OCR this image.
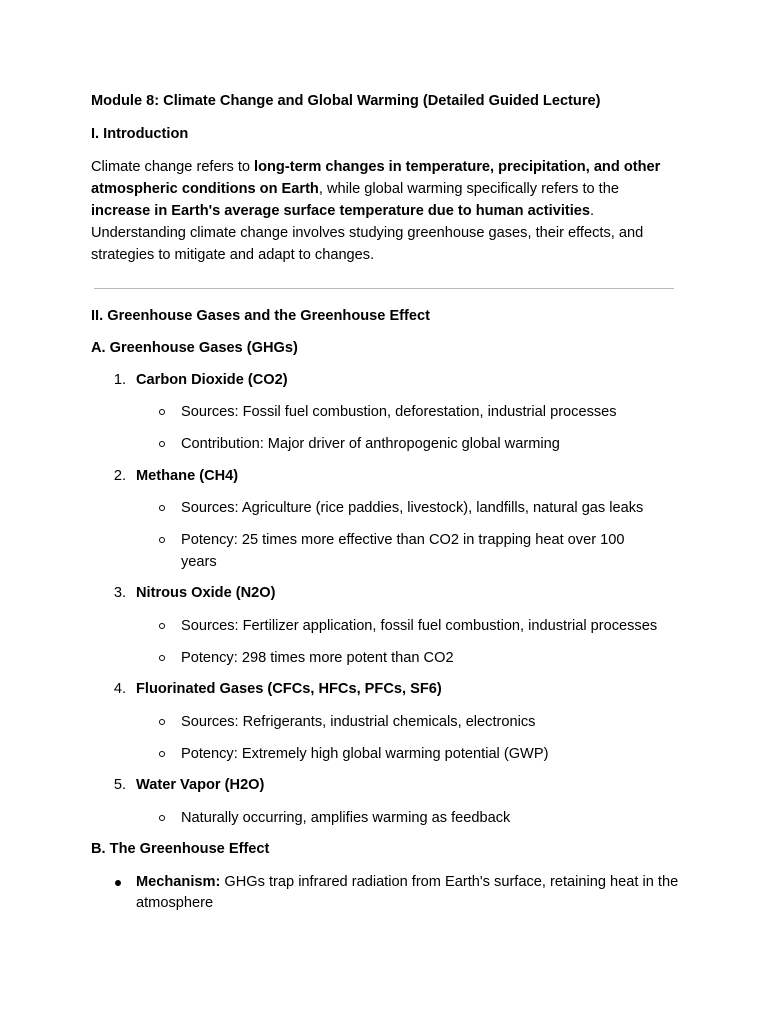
Module 8: Climate Change and Global Warming (Detailed Guided Lecture)
I. Introduction
Climate change refers to long-term changes in temperature, precipitation, and other atmospheric conditions on Earth, while global warming specifically refers to the increase in Earth's average surface temperature due to human activities. Understanding climate change involves studying greenhouse gases, their effects, and strategies to mitigate and adapt to changes.
II. Greenhouse Gases and the Greenhouse Effect
A. Greenhouse Gases (GHGs)
1. Carbon Dioxide (CO2)
Sources: Fossil fuel combustion, deforestation, industrial processes
Contribution: Major driver of anthropogenic global warming
2. Methane (CH4)
Sources: Agriculture (rice paddies, livestock), landfills, natural gas leaks
Potency: 25 times more effective than CO2 in trapping heat over 100 years
3. Nitrous Oxide (N2O)
Sources: Fertilizer application, fossil fuel combustion, industrial processes
Potency: 298 times more potent than CO2
4. Fluorinated Gases (CFCs, HFCs, PFCs, SF6)
Sources: Refrigerants, industrial chemicals, electronics
Potency: Extremely high global warming potential (GWP)
5. Water Vapor (H2O)
Naturally occurring, amplifies warming as feedback
B. The Greenhouse Effect
Mechanism: GHGs trap infrared radiation from Earth's surface, retaining heat in the atmosphere
